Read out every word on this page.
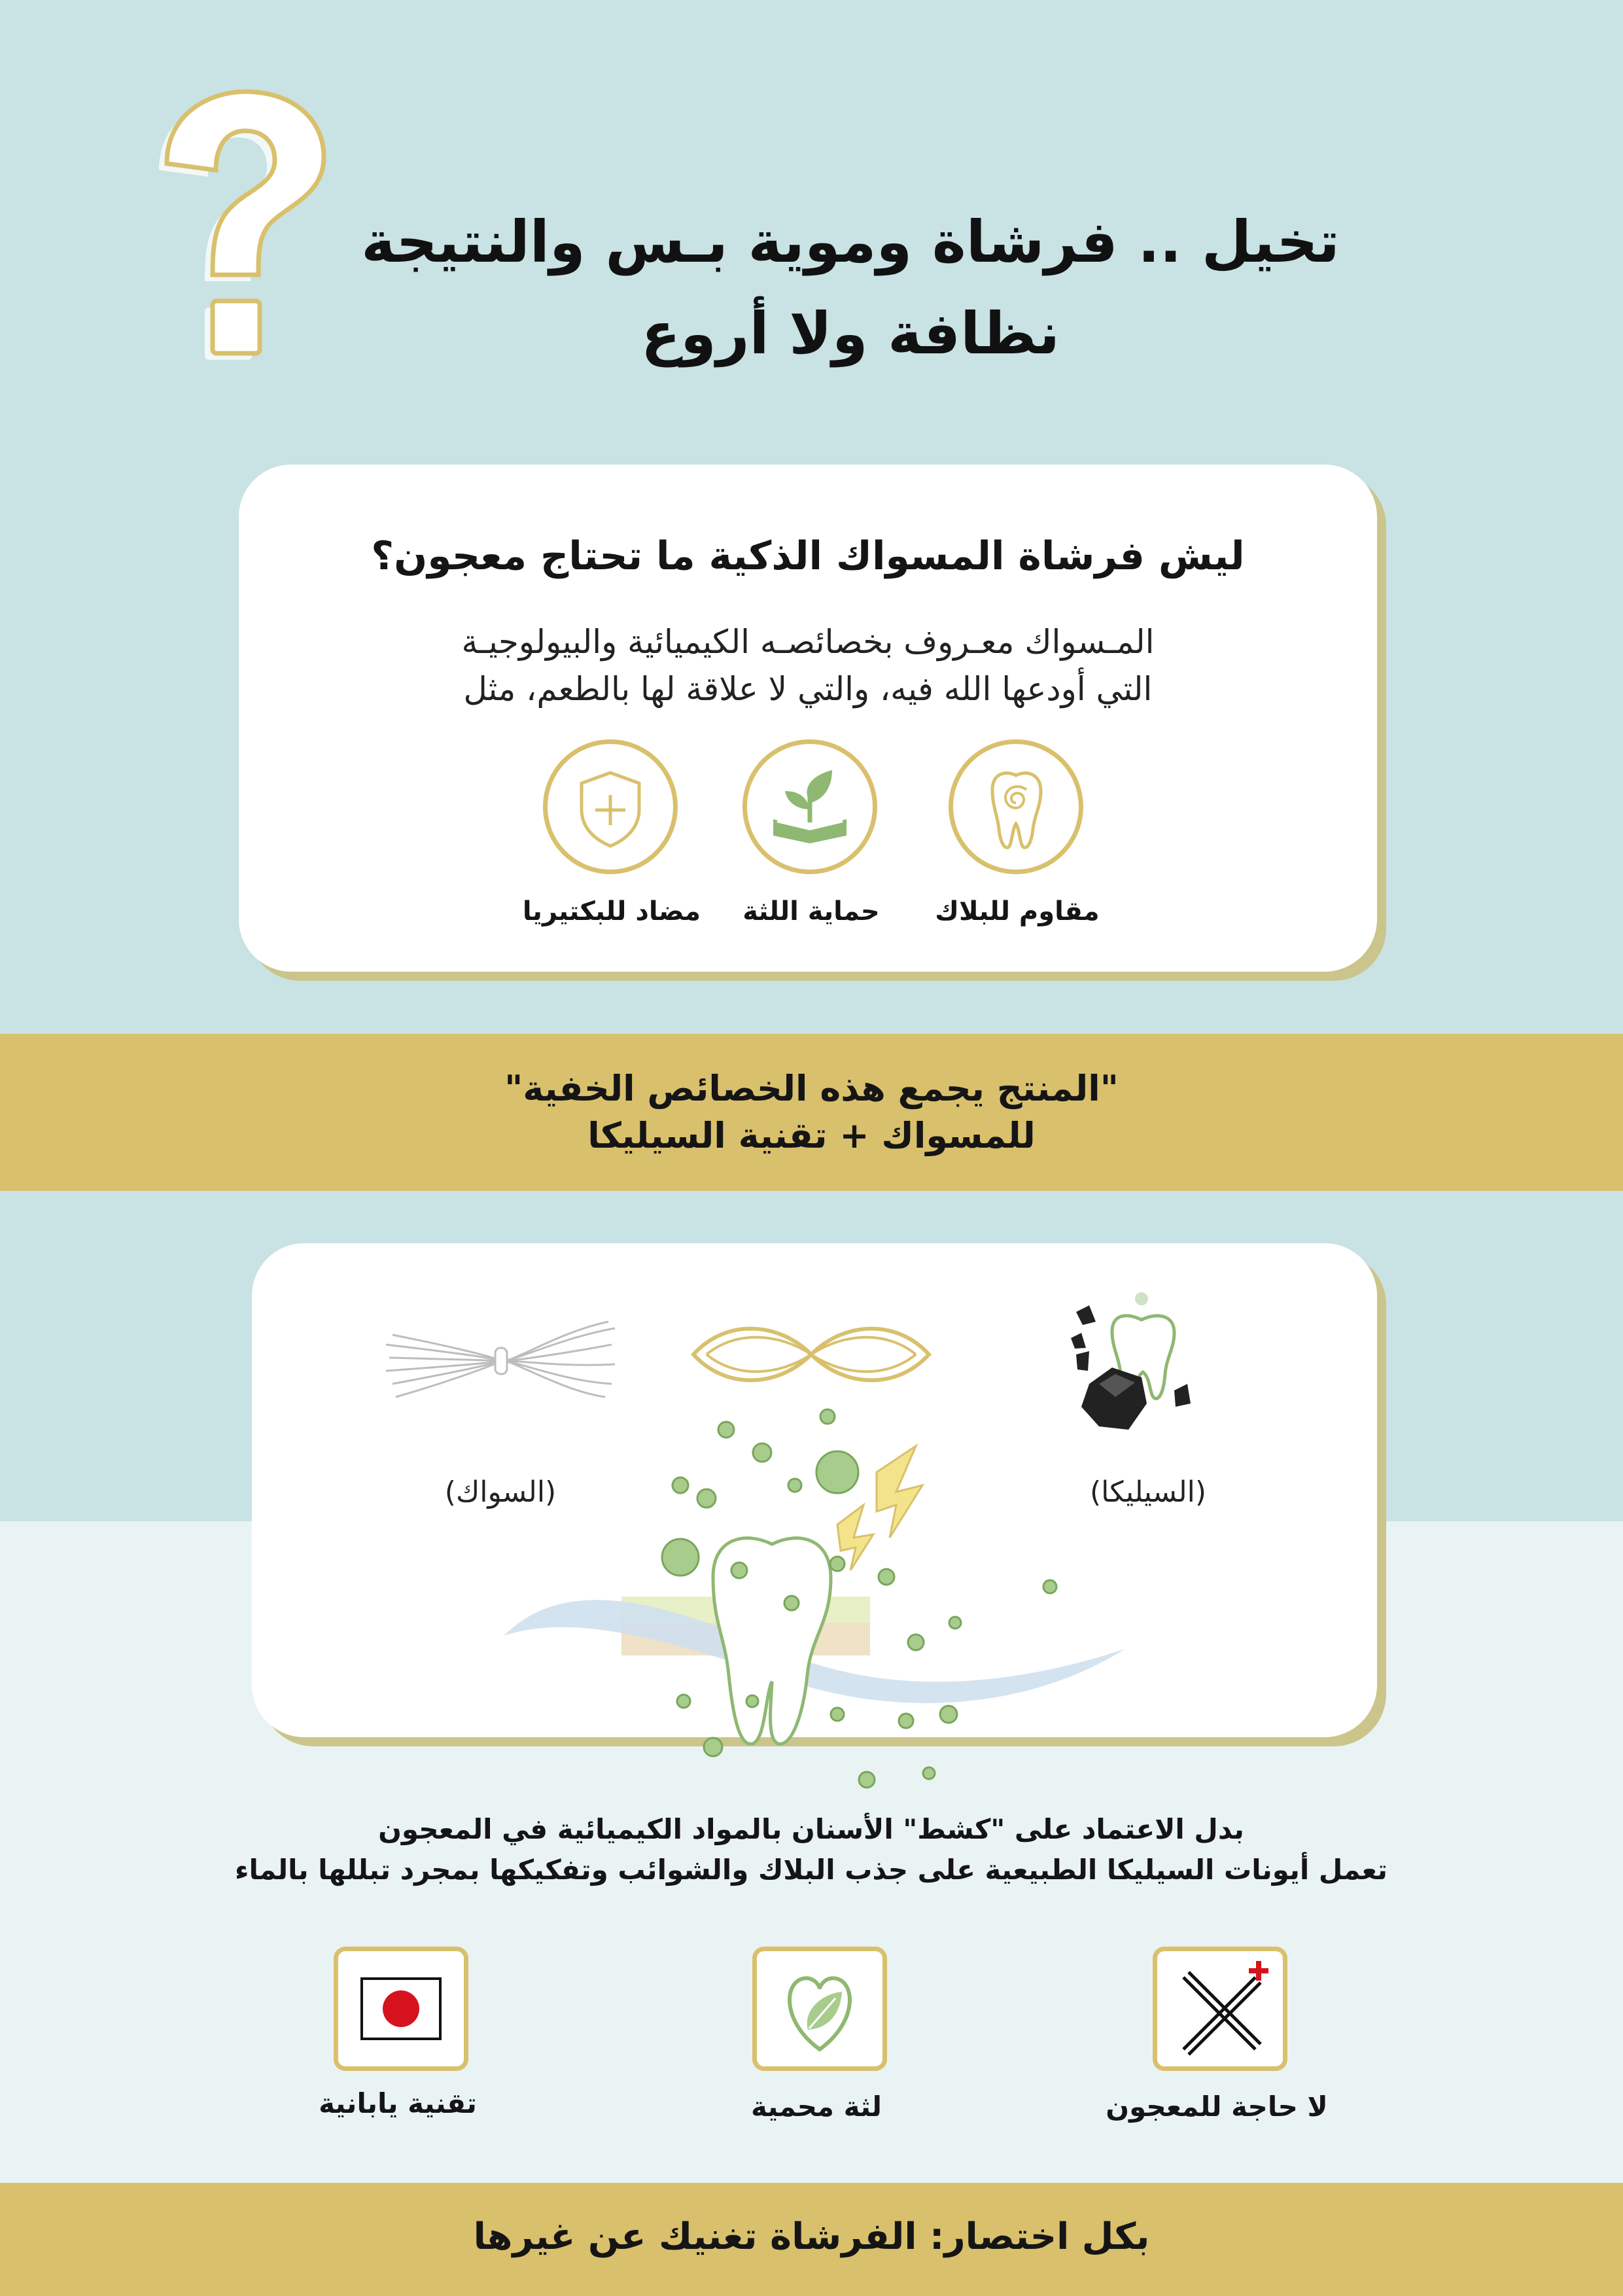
تخيل .. فرشاة وموية بـس والنتيجة
نظافة ولا أروع
ليش فرشاة المسواك الذكية ما تحتاج معجون؟
المـسواك معـروف بخصائصـه الكيميائية والبيولوجيـة
التي أودعها الله فيه، والتي لا علاقة لها بالطعم، مثل
مقاوم للبلاك
حماية اللثة
مضاد للبكتيريا
"المنتج يجمع هذه الخصائص الخفية"
للمسواك + تقنية السيليكا
(السيليكا)
(السواك)
بدل الاعتماد على "كشط" الأسنان بالمواد الكيميائية في المعجون
تعمل أيونات السيليكا الطبيعية على جذب البلاك والشوائب وتفكيكها بمجرد تبللها بالماء
لا حاجة للمعجون
لثة محمية
تقنية يابانية
بكل اختصار: الفرشاة تغنيك عن غيرها
